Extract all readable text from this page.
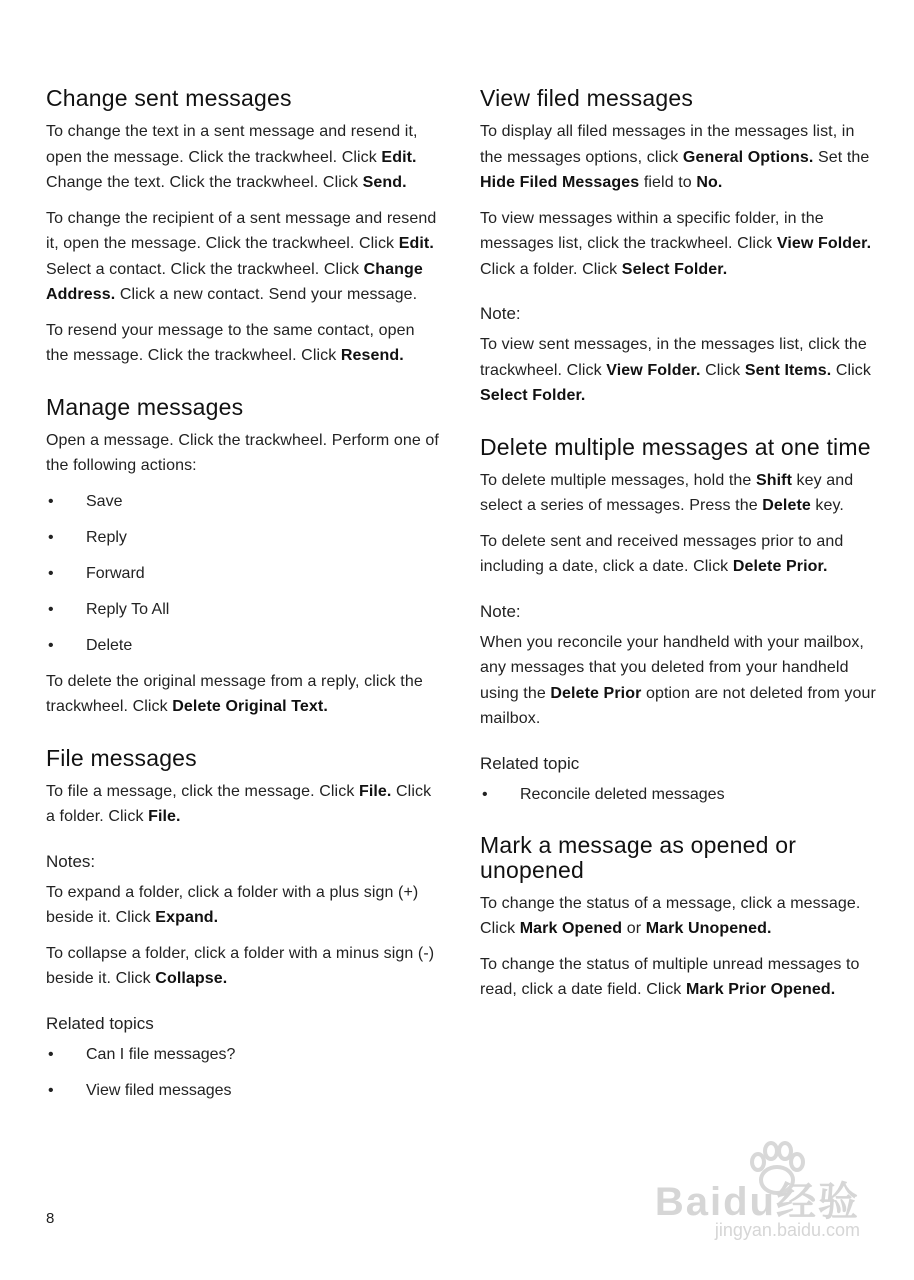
Change sent messages

To change the text in a sent message and resend it, open the message. Click the trackwheel. Click Edit. Change the text. Click the trackwheel. Click Send.

To change the recipient of a sent message and resend it, open the message. Click the trackwheel. Click Edit. Select a contact. Click the trackwheel. Click Change Address. Click a new contact. Send your message.

To resend your message to the same contact, open the message. Click the trackwheel. Click Resend.

Manage messages

Open a message. Click the trackwheel. Perform one of the following actions:

• Save
• Reply
• Forward
• Reply To All
• Delete

To delete the original message from a reply, click the trackwheel. Click Delete Original Text.

File messages

To file a message, click the message. Click File. Click a folder. Click File.

Notes:

To expand a folder, click a folder with a plus sign (+) beside it. Click Expand.

To collapse a folder, click a folder with a minus sign (-) beside it. Click Collapse.

Related topics
• Can I file messages?
• View filed messages
View filed messages

To display all filed messages in the messages list, in the messages options, click General Options. Set the Hide Filed Messages field to No.

To view messages within a specific folder, in the messages list, click the trackwheel. Click View Folder. Click a folder. Click Select Folder.

Note:

To view sent messages, in the messages list, click the trackwheel. Click View Folder. Click Sent Items. Click Select Folder.

Delete multiple messages at one time

To delete multiple messages, hold the Shift key and select a series of messages. Press the Delete key.

To delete sent and received messages prior to and including a date, click a date. Click Delete Prior.

Note:

When you reconcile your handheld with your mailbox, any messages that you deleted from your handheld using the Delete Prior option are not deleted from your mailbox.

Related topic
• Reconcile deleted messages
Mark a message as opened or unopened

To change the status of a message, click a message. Click Mark Opened or Mark Unopened.

To change the status of multiple unread messages to read, click a date field. Click Mark Prior Opened.

8	Baidu经验
jingyan.baidu.com
